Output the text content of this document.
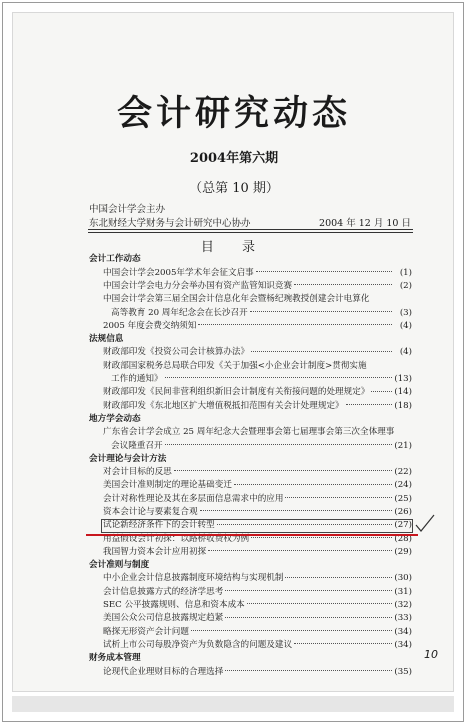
会计研究动态
2004年第六期
（总第 10 期）
中国会计学会主办
东北财经大学财务与会计研究中心协办	2004 年 12 月 10 日
目 录
会计工作动态
中国会计学会2005年学术年会征文启事	(1)
中国会计学会电力分会举办国有资产监管知识竞赛	(2)
中国会计学会第三届全国会计信息化年会暨杨纪琬教授创建会计电算化
高等教育 20 周年纪念会在长沙召开	(3)
2005 年度会费交纳须知	(4)
法规信息
财政部印发《投资公司会计核算办法》	(4)
财政部国家税务总局联合印发《关于加强<小企业会计制度>贯彻实施
工作的通知》	(13)
财政部印发《民间非营利组织新旧会计制度有关衔接问题的处理规定》	(14)
财政部印发《东北地区扩大增值税抵扣范围有关会计处理规定》	(18)
地方学会动态
广东省会计学会成立 25 周年纪念大会暨理事会第七届理事会第三次全体理事
会议隆重召开	(21)
会计理论与会计方法
对会计目标的反思	(22)
美国会计准则制定的理论基础变迁	(24)
会计对称性理论及其在多层面信息需求中的应用	(25)
资本会计论与要素复合观	(26)
试论新经济条件下的会计转型	(27)
用益假设会计初探：以路桥收费权为例	(28)
我国智力资本会计应用初探	(29)
会计准则与制度
中小企业会计信息披露制度环境结构与实现机制	(30)
会计信息披露方式的经济学思考	(31)
SEC 公平披露规则、信息和资本成本	(32)
美国公众公司信息披露规定趋紧	(33)
略探无形资产会计问题	(34)
试析上市公司每股净资产为负数隐含的问题及建议	(34)
财务成本管理
论现代企业理财目标的合理选择	(35)
10
